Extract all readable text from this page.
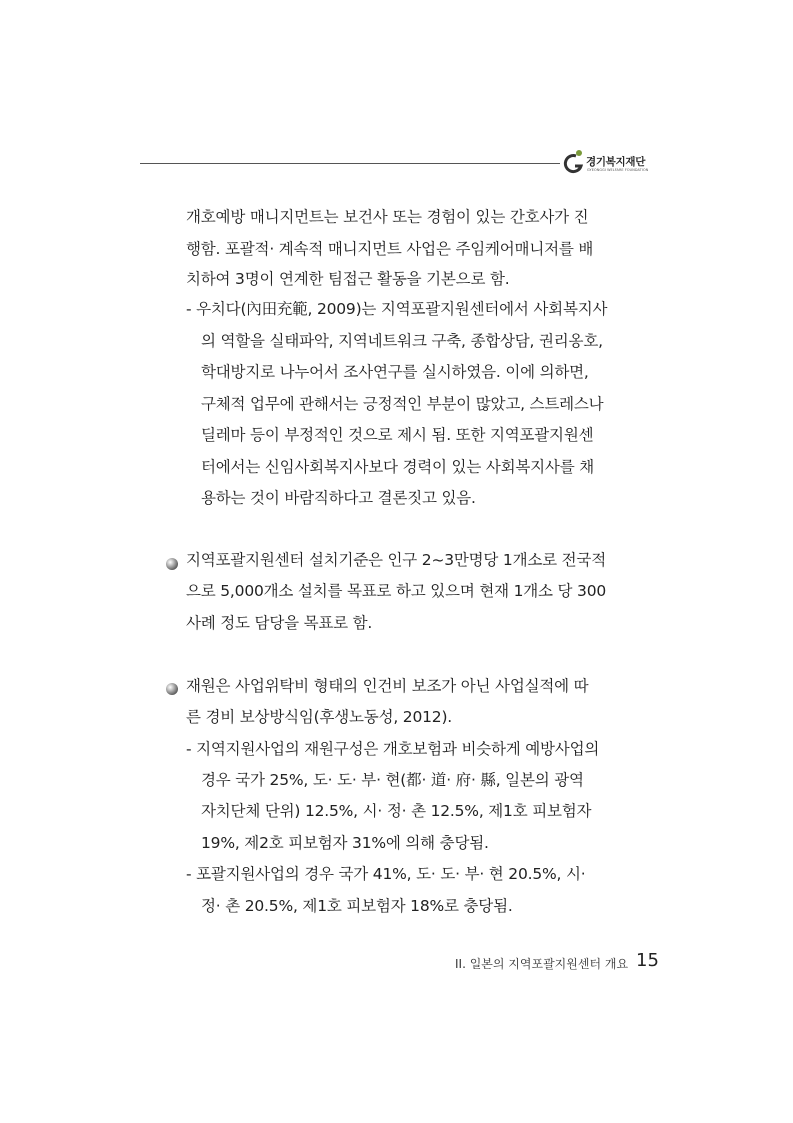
경기복지재단
GYEONGGI WELFARE FOUNDATION
개호예방 매니지먼트는 보건사 또는 경험이 있는 간호사가 진
행함. 포괄적· 계속적 매니지먼트 사업은 주임케어매니저를 배
치하여 3명이 연계한 팀접근 활동을 기본으로 함.
- 우치다(內田充範, 2009)는 지역포괄지원센터에서 사회복지사
의 역할을 실태파악, 지역네트워크 구축, 종합상담, 권리옹호,
학대방지로 나누어서 조사연구를 실시하였음. 이에 의하면,
구체적 업무에 관해서는 긍정적인 부분이 많았고, 스트레스나
딜레마 등이 부정적인 것으로 제시 됨. 또한 지역포괄지원센
터에서는 신임사회복지사보다 경력이 있는 사회복지사를 채
용하는 것이 바람직하다고 결론짓고 있음.
지역포괄지원센터 설치기준은 인구 2~3만명당 1개소로 전국적
으로 5,000개소 설치를 목표로 하고 있으며 현재 1개소 당 300
사례 정도 담당을 목표로 함.
재원은 사업위탁비 형태의 인건비 보조가 아닌 사업실적에 따
른 경비 보상방식임(후생노동성, 2012).
- 지역지원사업의 재원구성은 개호보험과 비슷하게 예방사업의
경우 국가 25%, 도· 도· 부· 현(都· 道· 府· 縣, 일본의 광역
자치단체 단위) 12.5%, 시· 정· 촌 12.5%, 제1호 피보험자
19%, 제2호 피보험자 31%에 의해 충당됨.
- 포괄지원사업의 경우 국가 41%, 도· 도· 부· 현 20.5%, 시·
정· 촌 20.5%, 제1호 피보험자 18%로 충당됨.
II. 일본의 지역포괄지원센터 개요 15
